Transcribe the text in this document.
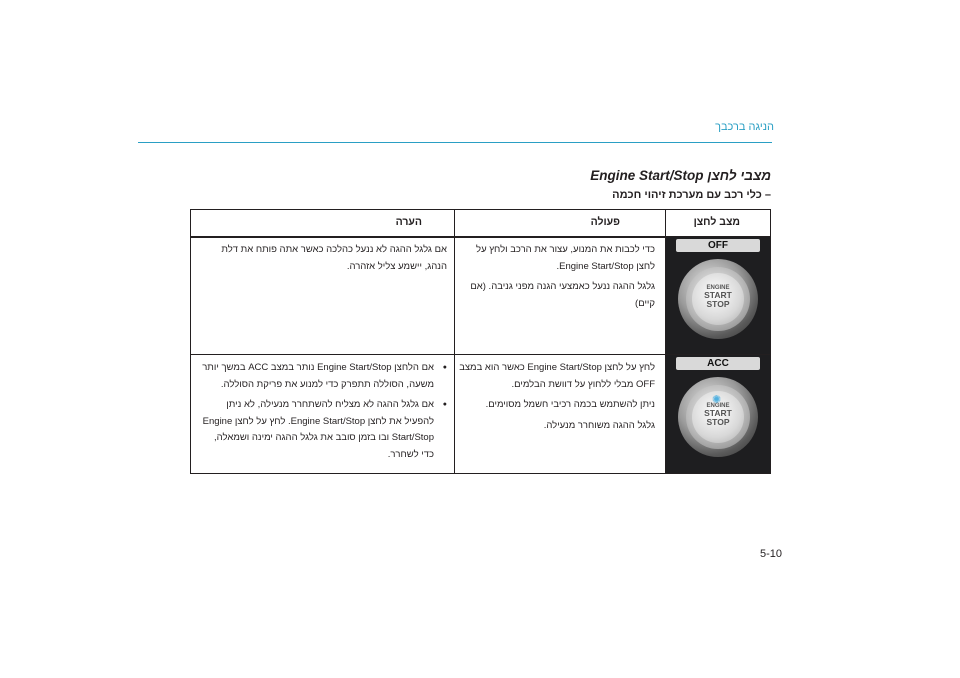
הניגה ברכבך
מצבי לחצן Engine Start/Stop
– כלי רכב עם מערכת זיהוי חכמה
מצב לחצן
פעולה
הערה
OFF
ENGINE
START
STOP

כדי לכבות את המנוע, עצור את הרכב ולחץ על לחצן Engine Start/Stop.

גלגל ההגה ננעל כאמצעי הגנה מפני גניבה. (אם קיים)

אם גלגל ההגה לא ננעל כהלכה כאשר אתה פותח את דלת הנהג, יישמע צליל אזהרה.

ACC
✺
ENGINE
START
STOP

לחץ על לחצן Engine Start/Stop כאשר הוא במצב OFF מבלי ללחוץ על דוושת הבלמים.

ניתן להשתמש בכמה רכיבי חשמל מסוימים.

גלגל ההגה משוחרר מנעילה.

● אם הלחצן Engine Start/Stop נותר במצב ACC במשך יותר משעה, הסוללה תתפרק כדי למנוע את פריקת הסוללה.

● אם גלגל ההגה לא מצליח להשתחרר מנעילה, לא ניתן להפעיל את לחצן Engine Start/Stop. לחץ על לחצן Engine Start/Stop ובו בזמן סובב את גלגל ההגה ימינה ושמאלה, כדי לשחרר.

5-10
